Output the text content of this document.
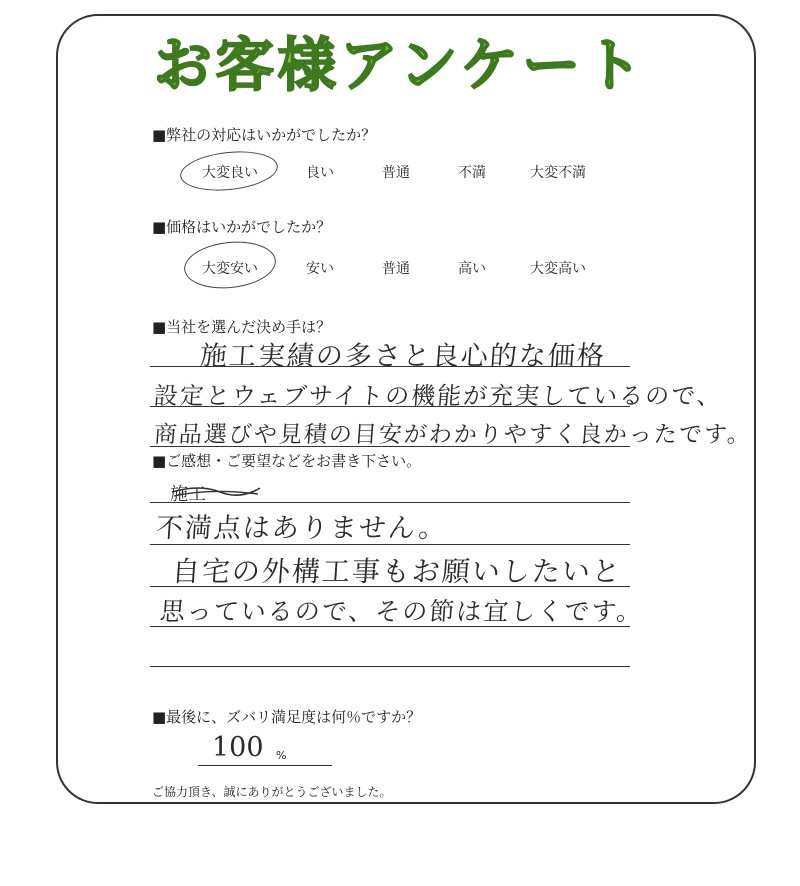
お客様アンケート
■弊社の対応はいかがでしたか？
大変良い	良い	普通	不満	大変不満
■価格はいかがでしたか？
大変安い	安い	普通	高い	大変高い
■当社を選んだ決め手は？
施工実績の多さと良心的な価格
設定とウェブサイトの機能が充実しているので、
商品選びや見積の目安がわかりやすく良かったです。
■ご感想・ご要望などをお書き下さい。
施工
不満点はありません。
自宅の外構工事もお願いしたいと
思っているので、その節は宜しくです。
■最後に、ズバリ満足度は何％ですか？
100 %
ご協力頂き、誠にありがとうございました。
